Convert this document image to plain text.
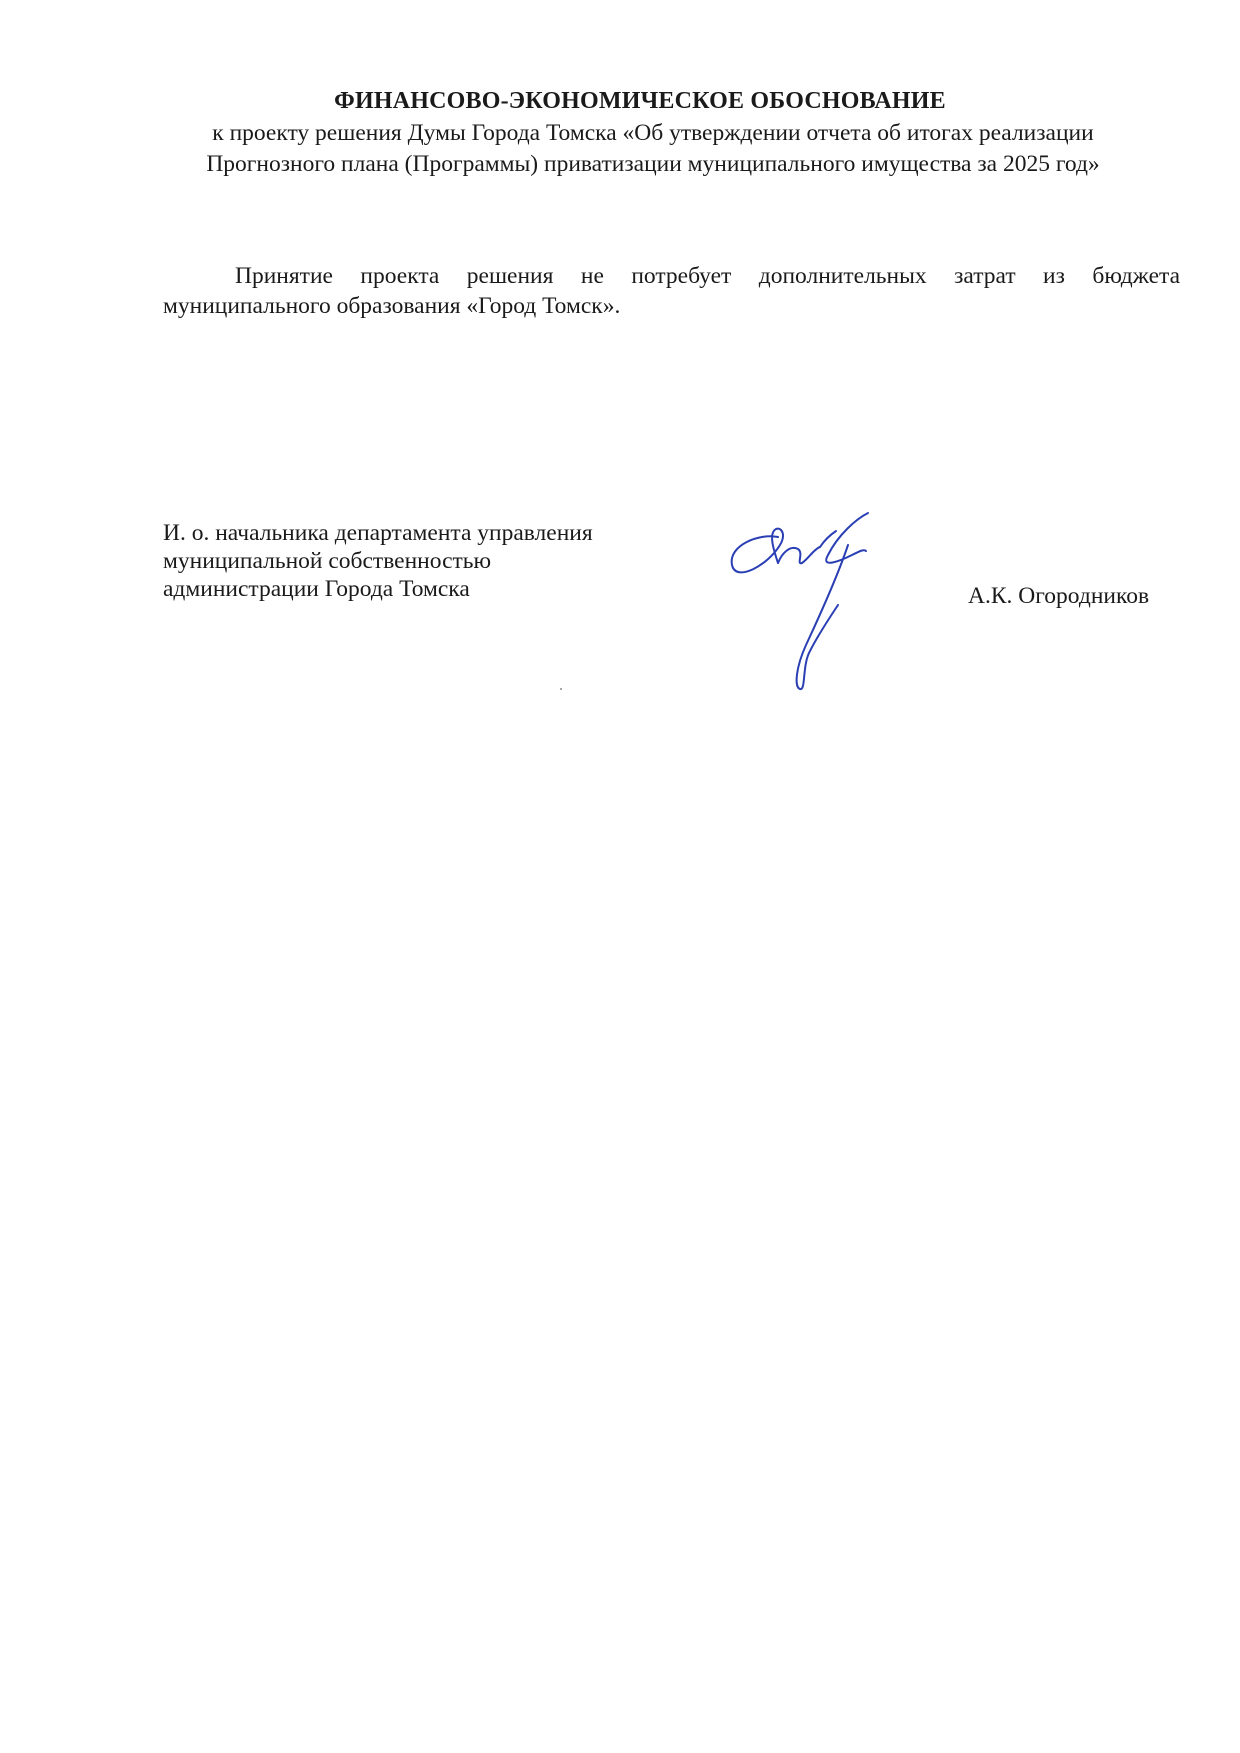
ФИНАНСОВО-ЭКОНОМИЧЕСКОЕ ОБОСНОВАНИЕ
к проекту решения Думы Города Томска «Об утверждении отчета об итогах реализации
Прогнозного плана (Программы) приватизации муниципального имущества за 2025 год»
Принятие проекта решения не потребует дополнительных затрат из бюджета
муниципального образования «Город Томск».
И. о. начальника департамента управления
муниципальной собственностью
администрации Города Томска	А.К. Огородников
